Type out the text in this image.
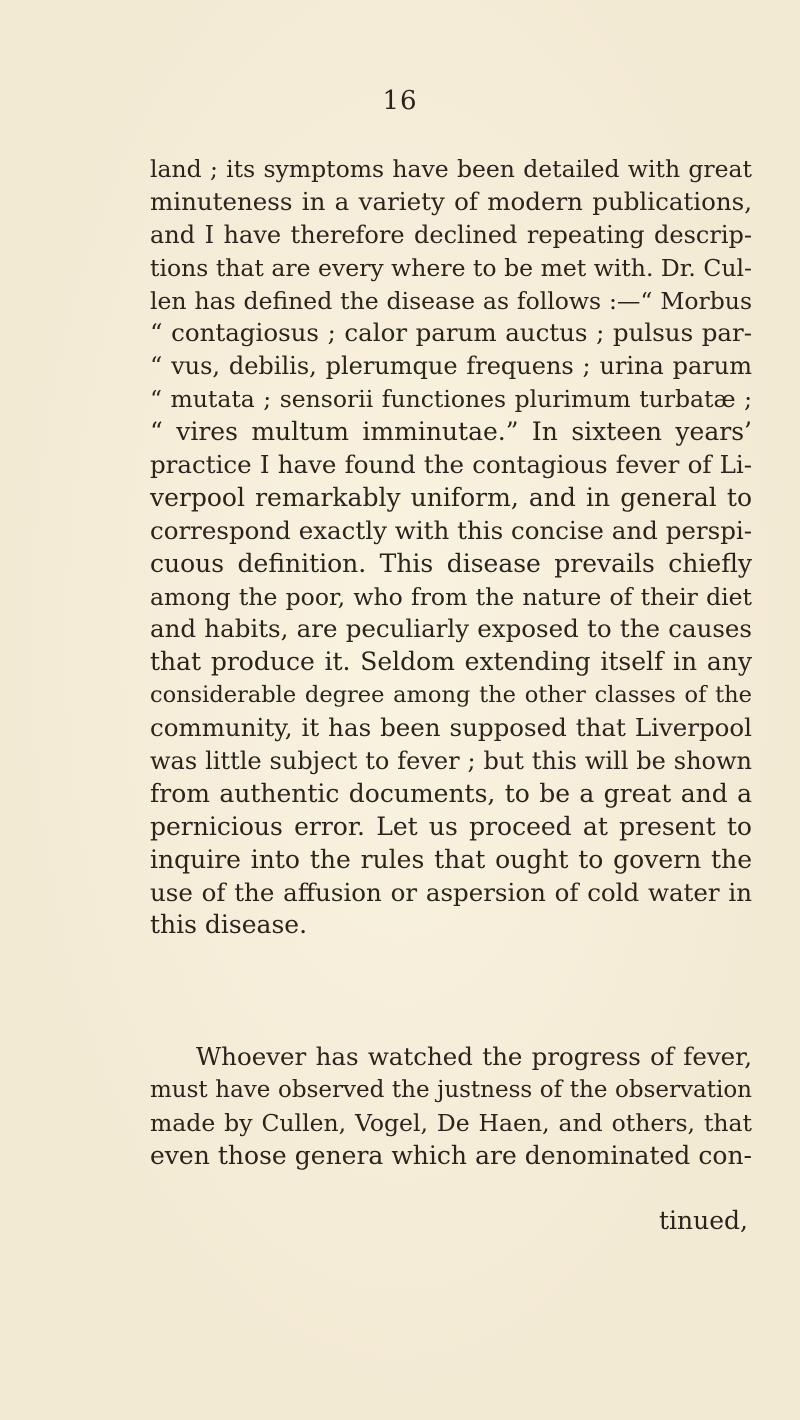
16
land ; its symptoms have been detailed with great
minuteness in a variety of modern publications,
and I have therefore declined repeating descrip-
tions that are every where to be met with. Dr. Cul-
len has defined the disease as follows :—“ Morbus
“ contagiosus ; calor parum auctus ; pulsus par-
“ vus, debilis, plerumque frequens ; urina parum
“ mutata ; sensorii functiones plurimum turbatæ ;
“ vires multum imminutae.” In sixteen years’
practice I have found the contagious fever of Li-
verpool remarkably uniform, and in general to
correspond exactly with this concise and perspi-
cuous definition. This disease prevails chiefly
among the poor, who from the nature of their diet
and habits, are peculiarly exposed to the causes
that produce it. Seldom extending itself in any
considerable degree among the other classes of the
community, it has been supposed that Liverpool
was little subject to fever ; but this will be shown
from authentic documents, to be a great and a
pernicious error. Let us proceed at present to
inquire into the rules that ought to govern the
use of the affusion or aspersion of cold water in
this disease.
Whoever has watched the progress of fever,
must have observed the justness of the observation
made by Cullen, Vogel, De Haen, and others, that
even those genera which are denominated con-
tinued,
